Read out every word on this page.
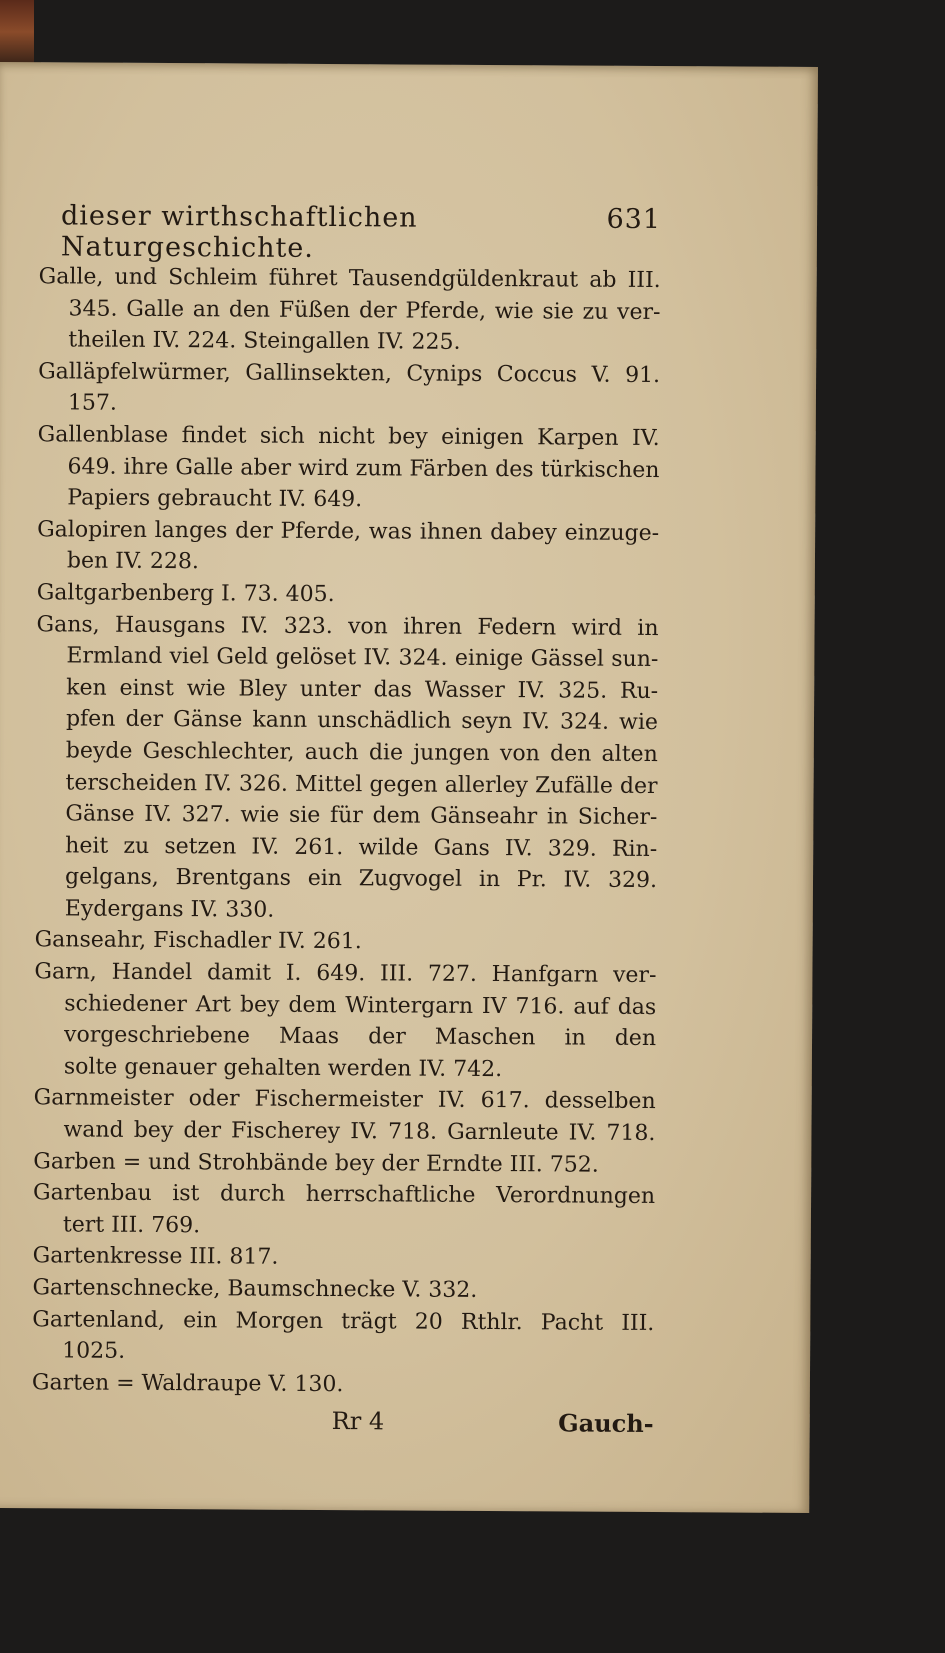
dieser wirthschaftlichen Naturgeschichte.
631
Galle, und Schleim führet Tausendgüldenkraut ab III.
345. Galle an den Füßen der Pferde, wie sie zu ver-
theilen IV. 224. Steingallen IV. 225.
Galläpfelwürmer, Gallinsekten, Cynips Coccus V. 91.
157.
Gallenblase findet sich nicht bey einigen Karpen IV.
649. ihre Galle aber wird zum Färben des türkischen
Papiers gebraucht IV. 649.
Galopiren langes der Pferde, was ihnen dabey einzuge-
ben IV. 228.
Galtgarbenberg I. 73. 405.
Gans, Hausgans IV. 323. von ihren Federn wird in
Ermland viel Geld gelöset IV. 324. einige Gässel sun-
ken einst wie Bley unter das Wasser IV. 325. Ru-
pfen der Gänse kann unschädlich seyn IV. 324. wie
beyde Geschlechter, auch die jungen von den alten
terscheiden IV. 326. Mittel gegen allerley Zufälle der
Gänse IV. 327. wie sie für dem Gänseahr in Sicher-
heit zu setzen IV. 261. wilde Gans IV. 329. Rin-
gelgans, Brentgans ein Zugvogel in Pr. IV. 329.
Eydergans IV. 330.
Ganseahr, Fischadler IV. 261.
Garn, Handel damit I. 649. III. 727. Hanfgarn ver-
schiedener Art bey dem Wintergarn IV 716. auf das
vorgeschriebene Maas der Maschen in den
solte genauer gehalten werden IV. 742.
Garnmeister oder Fischermeister IV. 617. desselben
wand bey der Fischerey IV. 718. Garnleute IV. 718.
Garben = und Strohbände bey der Erndte III. 752.
Gartenbau ist durch herrschaftliche Verordnungen
tert III. 769.
Gartenkresse III. 817.
Gartenschnecke, Baumschnecke V. 332.
Gartenland, ein Morgen trägt 20 Rthlr. Pacht III.
1025.
Garten = Waldraupe V. 130.
Rr 4	Gauch-
